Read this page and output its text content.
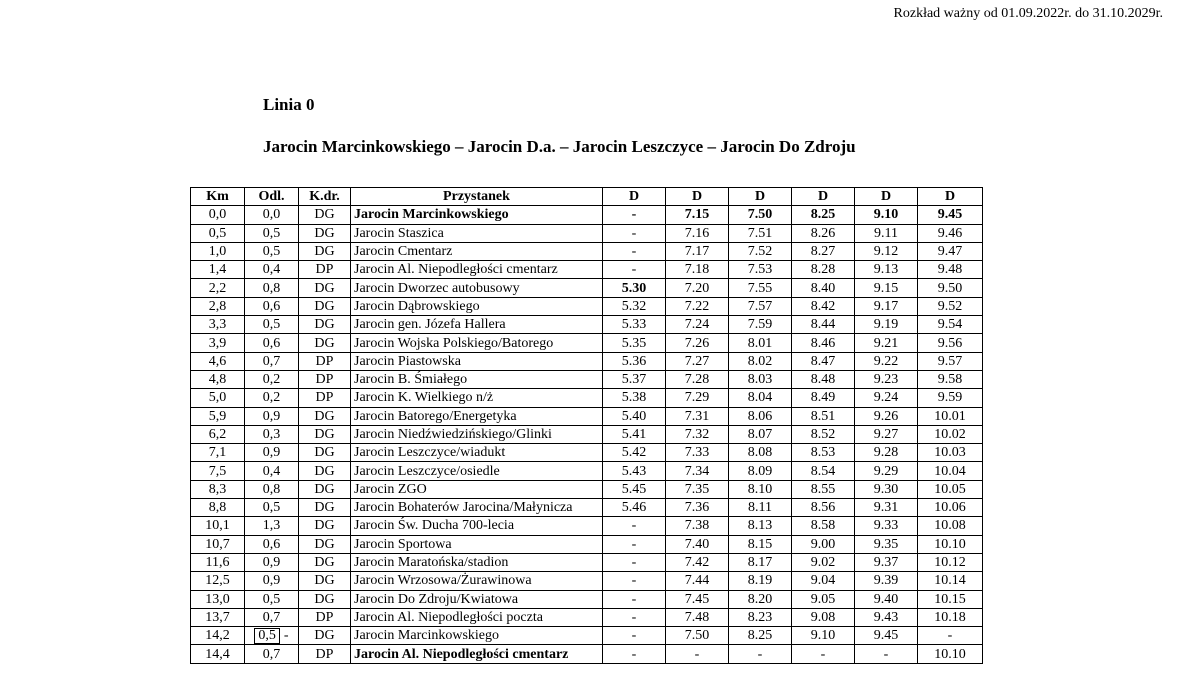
Rozkład ważny od 01.09.2022r. do 31.10.2029r.
Linia 0
Jarocin Marcinkowskiego – Jarocin D.a. – Jarocin Leszczyce – Jarocin Do Zdroju
Km	Odl.	K.dr.	Przystanek	D	D	D	D	D	D
0,0	0,0	DG	Jarocin Marcinkowskiego	-	7.15	7.50	8.25	9.10	9.45
0,5	0,5	DG	Jarocin Staszica	-	7.16	7.51	8.26	9.11	9.46
1,0	0,5	DG	Jarocin Cmentarz	-	7.17	7.52	8.27	9.12	9.47
1,4	0,4	DP	Jarocin Al. Niepodległości cmentarz	-	7.18	7.53	8.28	9.13	9.48
2,2	0,8	DG	Jarocin Dworzec autobusowy	5.30	7.20	7.55	8.40	9.15	9.50
2,8	0,6	DG	Jarocin Dąbrowskiego	5.32	7.22	7.57	8.42	9.17	9.52
3,3	0,5	DG	Jarocin gen. Józefa Hallera	5.33	7.24	7.59	8.44	9.19	9.54
3,9	0,6	DG	Jarocin Wojska Polskiego/Batorego	5.35	7.26	8.01	8.46	9.21	9.56
4,6	0,7	DP	Jarocin Piastowska	5.36	7.27	8.02	8.47	9.22	9.57
4,8	0,2	DP	Jarocin B. Śmiałego	5.37	7.28	8.03	8.48	9.23	9.58
5,0	0,2	DP	Jarocin K. Wielkiego n/ż	5.38	7.29	8.04	8.49	9.24	9.59
5,9	0,9	DG	Jarocin Batorego/Energetyka	5.40	7.31	8.06	8.51	9.26	10.01
6,2	0,3	DG	Jarocin Niedźwiedzińskiego/Glinki	5.41	7.32	8.07	8.52	9.27	10.02
7,1	0,9	DG	Jarocin Leszczyce/wiadukt	5.42	7.33	8.08	8.53	9.28	10.03
7,5	0,4	DG	Jarocin Leszczyce/osiedle	5.43	7.34	8.09	8.54	9.29	10.04
8,3	0,8	DG	Jarocin ZGO	5.45	7.35	8.10	8.55	9.30	10.05
8,8	0,5	DG	Jarocin Bohaterów Jarocina/Małynicza	5.46	7.36	8.11	8.56	9.31	10.06
10,1	1,3	DG	Jarocin Św. Ducha 700-lecia	-	7.38	8.13	8.58	9.33	10.08
10,7	0,6	DG	Jarocin Sportowa	-	7.40	8.15	9.00	9.35	10.10
11,6	0,9	DG	Jarocin Maratońska/stadion	-	7.42	8.17	9.02	9.37	10.12
12,5	0,9	DG	Jarocin Wrzosowa/Żurawinowa	-	7.44	8.19	9.04	9.39	10.14
13,0	0,5	DG	Jarocin Do Zdroju/Kwiatowa	-	7.45	8.20	9.05	9.40	10.15
13,7	0,7	DP	Jarocin Al. Niepodległości poczta	-	7.48	8.23	9.08	9.43	10.18
14,2	0,5 -	DG	Jarocin Marcinkowskiego	-	7.50	8.25	9.10	9.45	-
14,4	0,7	DP	Jarocin Al. Niepodległości cmentarz	-	-	-	-	-	10.10
